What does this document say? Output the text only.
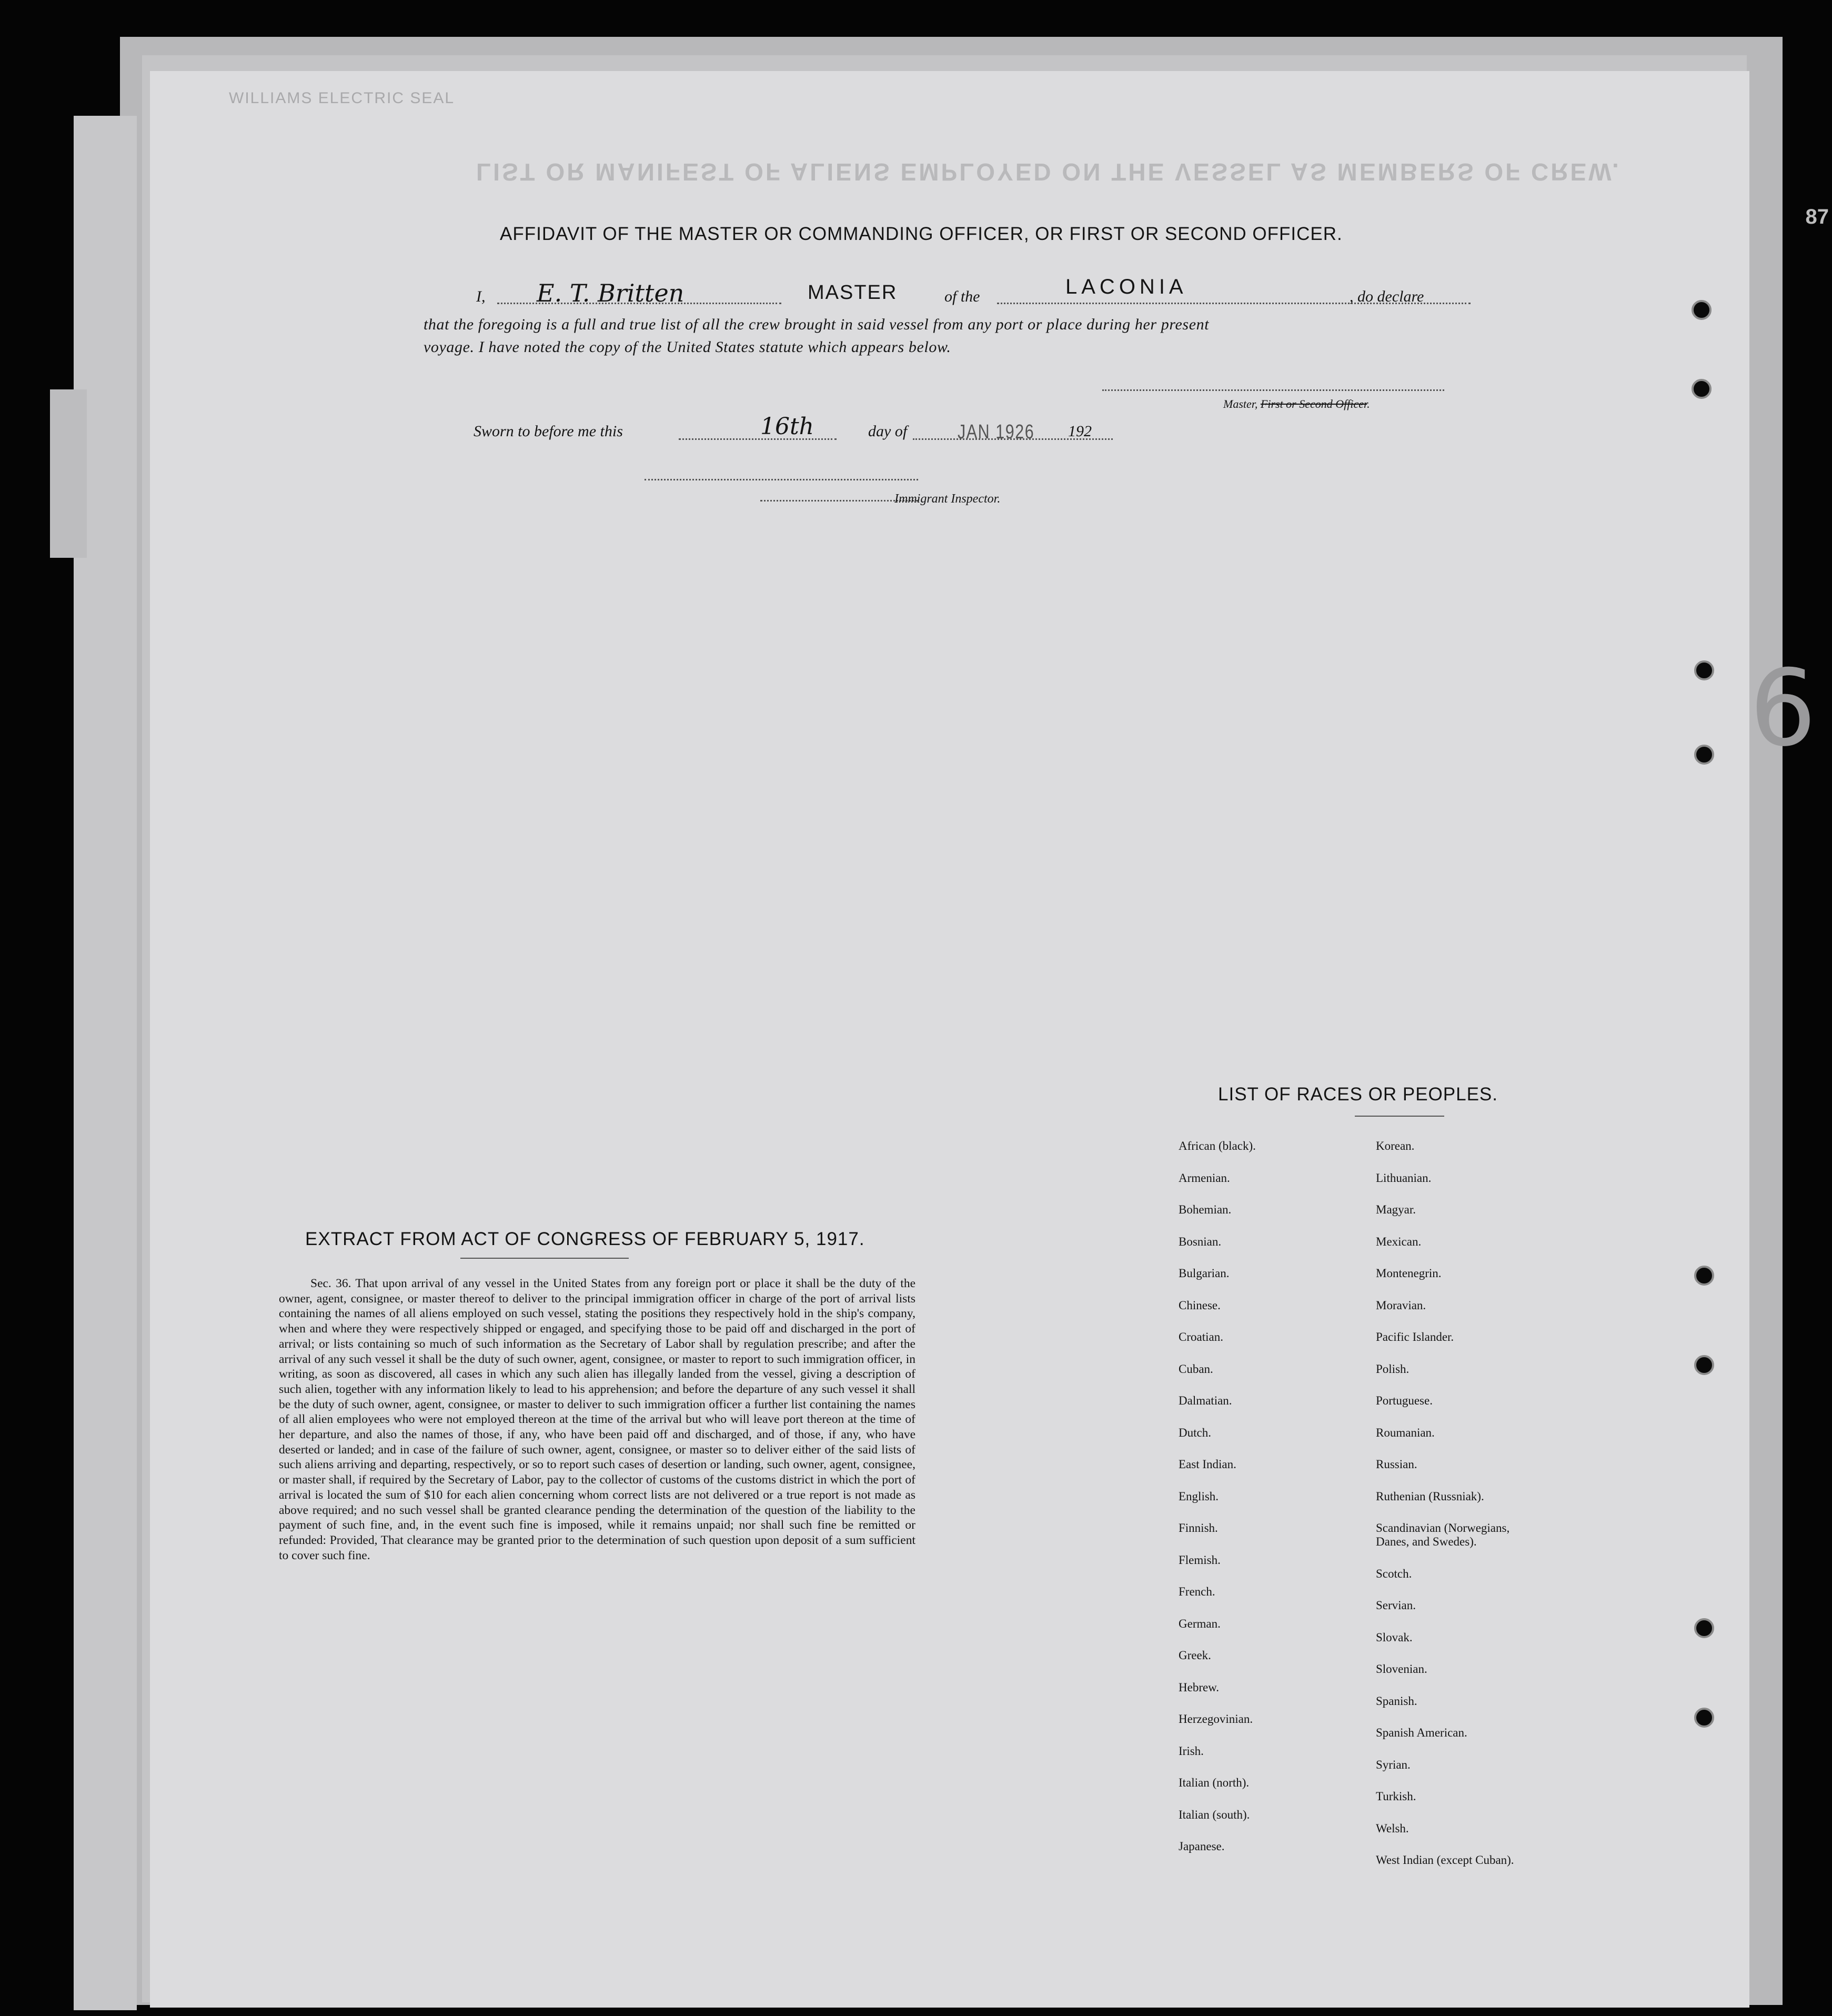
WILLIAMS ELECTRIC SEAL
LIST OR MANIFEST OF ALIENS EMPLOYED ON THE VESSEL AS MEMBERS OF CREW.
AFFIDAVIT OF THE MASTER OR COMMANDING OFFICER, OR FIRST OR SECOND OFFICER.
I, E. T. Britten	MASTER	of the	LACONIA	, do declare
that the foregoing is a full and true list of all the crew brought in said vessel from any port or place during her present
voyage. I have noted the copy of the United States statute which appears below.
Master, First or Second Officer.
Sworn to before me this	16th	day of	JAN 1926 192
Immigrant Inspector.
EXTRACT FROM ACT OF CONGRESS OF FEBRUARY 5, 1917.
Sec. 36. That upon arrival of any vessel in the United States from any foreign port or place it shall be the duty of the owner, agent, consignee, or master thereof to deliver to the principal immigration officer in charge of the port of arrival lists containing the names of all aliens employed on such vessel, stating the positions they respectively hold in the ship's company, when and where they were respectively shipped or engaged, and specifying those to be paid off and discharged in the port of arrival; or lists containing so much of such information as the Secretary of Labor shall by regulation prescribe; and after the arrival of any such vessel it shall be the duty of such owner, agent, consignee, or master to report to such immigration officer, in writing, as soon as discovered, all cases in which any such alien has illegally landed from the vessel, giving a description of such alien, together with any information likely to lead to his apprehension; and before the departure of any such vessel it shall be the duty of such owner, agent, consignee, or master to deliver to such immigration officer a further list containing the names of all alien employees who were not employed thereon at the time of the arrival but who will leave port thereon at the time of her departure, and also the names of those, if any, who have been paid off and discharged, and of those, if any, who have deserted or landed; and in case of the failure of such owner, agent, consignee, or master so to deliver either of the said lists of such aliens arriving and departing, respectively, or so to report such cases of desertion or landing, such owner, agent, consignee, or master shall, if required by the Secretary of Labor, pay to the collector of customs of the customs district in which the port of arrival is located the sum of $10 for each alien concerning whom correct lists are not delivered or a true report is not made as above required; and no such vessel shall be granted clearance pending the determination of the question of the liability to the payment of such fine, and, in the event such fine is imposed, while it remains unpaid; nor shall such fine be remitted or refunded: Provided, That clearance may be granted prior to the determination of such question upon deposit of a sum sufficient to cover such fine.
LIST OF RACES OR PEOPLES.
African (black).
Armenian.
Bohemian.
Bosnian.
Bulgarian.
Chinese.
Croatian.
Cuban.
Dalmatian.
Dutch.
East Indian.
English.
Finnish.
Flemish.
French.
German.
Greek.
Hebrew.
Herzegovinian.
Irish.
Italian (north).
Italian (south).
Japanese.
Korean.
Lithuanian.
Magyar.
Mexican.
Montenegrin.
Moravian.
Pacific Islander.
Polish.
Portuguese.
Roumanian.
Russian.
Ruthenian (Russniak).
Scandinavian (Norwegians,
Danes, and Swedes).
Scotch.
Servian.
Slovak.
Slovenian.
Spanish.
Spanish American.
Syrian.
Turkish.
Welsh.
West Indian (except Cuban).
87
6
